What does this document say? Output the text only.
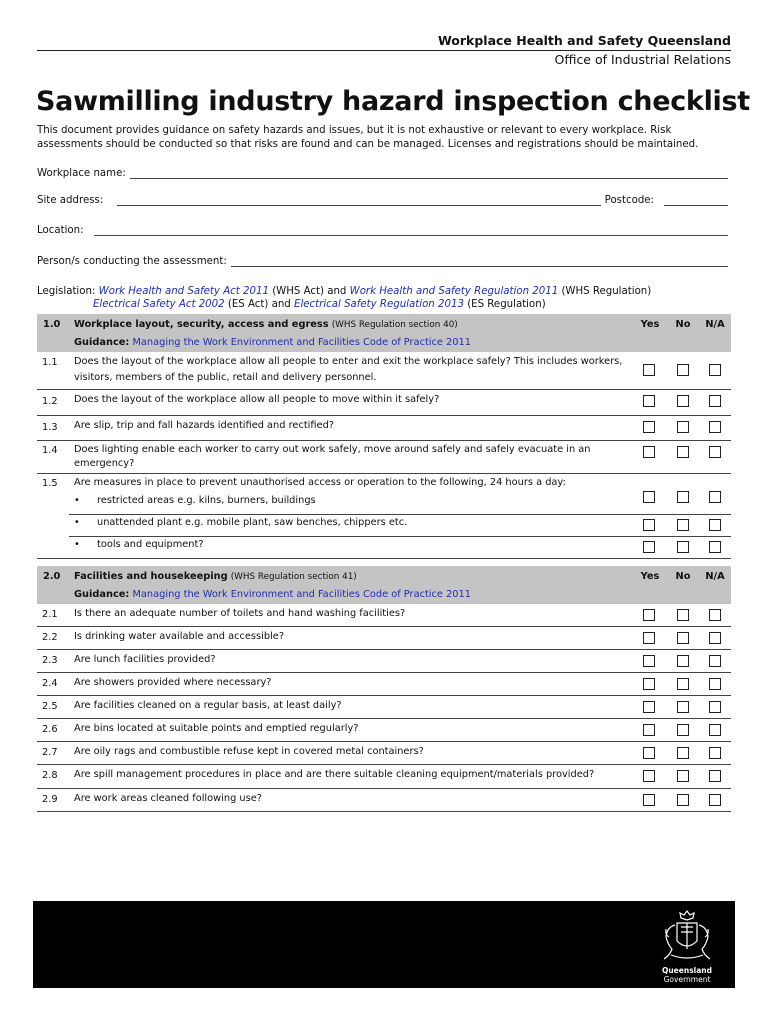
Workplace Health and Safety Queensland
Office of Industrial Relations
Sawmilling industry hazard inspection checklist
This document provides guidance on safety hazards and issues, but it is not exhaustive or relevant to every workplace. Risk assessments should be conducted so that risks are found and can be managed. Licenses and registrations should be maintained.
Workplace name:
Site address:	Postcode:
Location:
Person/s conducting the assessment:
Legislation: Work Health and Safety Act 2011 (WHS Act) and Work Health and Safety Regulation 2011 (WHS Regulation)
Electrical Safety Act 2002 (ES Act) and Electrical Safety Regulation 2013 (ES Regulation)
1.0 Workplace layout, security, access and egress (WHS Regulation section 40)
Guidance: Managing the Work Environment and Facilities Code of Practice 2011
Yes	No	N/A
1.1 Does the layout of the workplace allow all people to enter and exit the workplace safely? This includes workers, visitors, members of the public, retail and delivery personnel.
1.2 Does the layout of the workplace allow all people to move within it safely?
1.3 Are slip, trip and fall hazards identified and rectified?
1.4 Does lighting enable each worker to carry out work safely, move around safely and safely evacuate in an emergency?
1.5 Are measures in place to prevent unauthorised access or operation to the following, 24 hours a day:
• restricted areas e.g. kilns, burners, buildings
• unattended plant e.g. mobile plant, saw benches, chippers etc.
• tools and equipment?
2.0 Facilities and housekeeping (WHS Regulation section 41)
Guidance: Managing the Work Environment and Facilities Code of Practice 2011
Yes	No	N/A
2.1 Is there an adequate number of toilets and hand washing facilities?
2.2 Is drinking water available and accessible?
2.3 Are lunch facilities provided?
2.4 Are showers provided where necessary?
2.5 Are facilities cleaned on a regular basis, at least daily?
2.6 Are bins located at suitable points and emptied regularly?
2.7 Are oily rags and combustible refuse kept in covered metal containers?
2.8 Are spill management procedures in place and are there suitable cleaning equipment/materials provided?
2.9 Are work areas cleaned following use?
Queensland
Government
